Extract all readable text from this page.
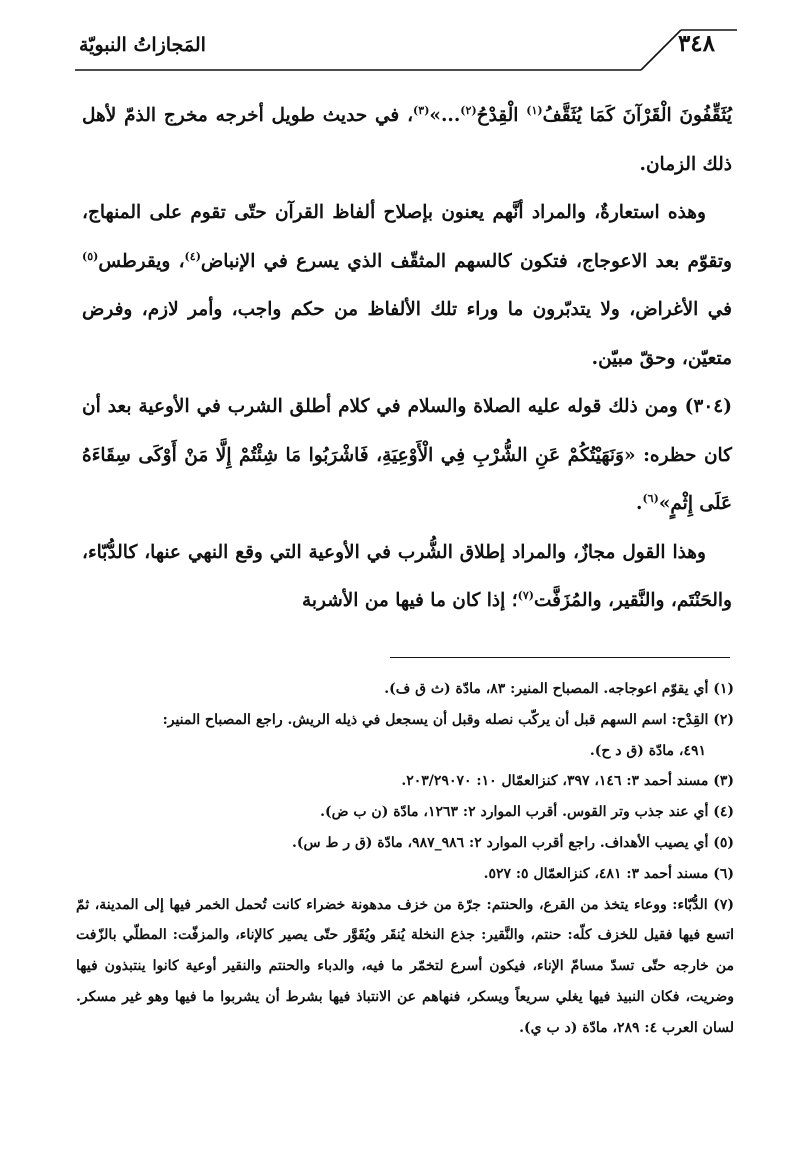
٣٤٨
المَجازاتُ النبويّة

يُثَقِّفُونَ الْقَرْآنَ كَمَا يُثَقَّفُ$^{(١)}$ الْقِدْحُ$^{(٢)}$...»$^{(٣)}$، في حديث طويل أخرجه مخرج الذمّ لأهل ذلك الزمان.

وهذه استعارةٌ، والمراد أنَّهم يعنون بإصلاح ألفاظ القرآن حتّى تقوم على المنهاج، وتقوّم بعد الاعوجاج، فتكون كالسهم المثقّف الذي يسرع في الإنباض$^{(٤)}$، ويقرطس$^{(٥)}$ في الأغراض، ولا يتدبّرون ما وراء تلك الألفاظ من حكم واجب، وأمر لازم، وفرض متعيّن، وحقّ مبيّن.

(٣٠٤) ومن ذلك قوله عليه الصلاة والسلام في كلام أطلق الشرب في الأوعية بعد أن كان حظره: «وَنَهَيْتُكُمْ عَنِ الشُّرْبِ فِي الْأَوْعِيَةِ، فَاشْرَبُوا مَا شِئْتُمْ إِلَّا مَنْ أَوْكَى سِقَاءَهُ عَلَى إِثْمٍ»$^{(٦)}$.

وهذا القول مجازٌ، والمراد إطلاق الشُّرب في الأوعية التي وقع النهي عنها، كالدُّبّاء، والحَنْتَم، والنَّقير، والمُزَفَّت$^{(٧)}$؛ إذا كان ما فيها من الأشربة

(١) أي يقوّم اعوجاجه. المصباح المنير: ٨٣، مادّة (ث ق ف).

(٢) القِدْح: اسم السهم قبل أن يركّب نصله وقبل أن يسجعل في ذيله الريش. راجع المصباح المنير:

٤٩١، مادّة (ق د ح).

(٣) مسند أحمد ٣: ١٤٦، ٣٩٧، كنزالعمّال ١٠: ٢٠٣/٢٩٠٧٠.

(٤) أي عند جذب وتر القوس. أقرب الموارد ٢: ١٢٦٣، مادّة (ن ب ض).

(٥) أي يصيب الأهداف. راجع أقرب الموارد ٢: ٩٨٦_٩٨٧، مادّة (ق ر ط س).

(٦) مسند أحمد ٣: ٤٨١، كنزالعمّال ٥: ٥٢٧.

(٧) الدُّبّاء: ووعاء يتخذ من القرع، والحنتم: جرّة من خزف مدهونة خضراء كانت تُحمل الخمر فيها إلى المدينة، ثمّ اتسع فيها فقيل للخزف كلّه: حنتم، والنَّقير: جذع النخلة يُنقَر ويُقَوَّر حتّى يصير كالإناء، والمزفّت: المطلّي بالزّفت من خارجه حتّى تسدّ مسامّ الإناء، فيكون أسرع لتخمّر ما فيه، والدباء والحنتم والنقير أوعية كانوا ينتبذون فيها وضريت، فكان النبيذ فيها يغلي سريعاً ويسكر، فنهاهم عن الانتباذ فيها بشرط أن يشربوا ما فيها وهو غير مسكر. لسان العرب ٤: ٢٨٩، مادّة (د ب ي).
